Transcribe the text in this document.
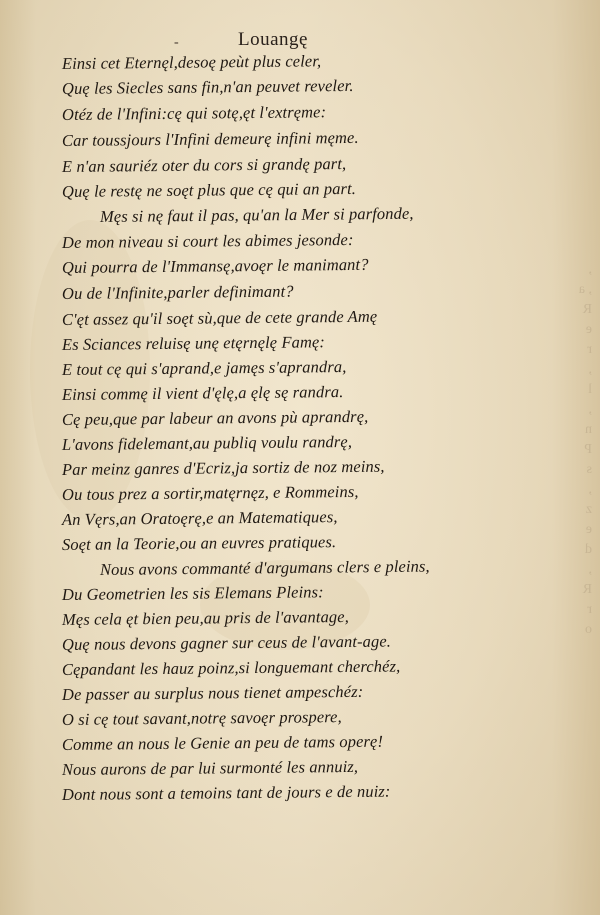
,
, a
R
e
r
,
l
,
n
P
s
,
z
e
d
,
R
r
o
-	Louangę
Einsi cet Eternęl,desoę peùt plus celer,
Quę les Siecles sans fin,n'an peuvet reveler.
Otéz de l'Infini:cę qui sotę,ęt l'extręme:
Car toussjours l'Infini demeurę infini męme.
E n'an sauriéz oter du cors si grandę part,
Quę le restę ne soęt plus que cę qui an part.
Męs si nę faut il pas, qu'an la Mer si parfonde,
De mon niveau si court les abimes jesonde:
Qui pourra de l'Immansę,avoęr le manimant?
Ou de l'Infinite,parler definimant?
C'ęt assez qu'il soęt sù,que de cete grande Amę
Es Sciances reluisę unę etęrnęlę Famę:
E tout cę qui s'aprand,e jamęs s'aprandra,
Einsi commę il vient d'ęlę,a ęlę sę randra.
Cę peu,que par labeur an avons pù aprandrę,
L'avons fidelemant,au publiq voulu randrę,
Par meinz ganres d'Ecriz,ja sortiz de noz meins,
Ou tous prez a sortir,matęrnęz, e Rommeins,
An Vęrs,an Oratoęrę,e an Matematiques,
Soęt an la Teorie,ou an euvres pratiques.
Nous avons commanté d'argumans clers e pleins,
Du Geometrien les sis Elemans Pleins:
Męs cela ęt bien peu,au pris de l'avantage,
Quę nous devons gagner sur ceus de l'avant-age.
Cępandant les hauz poinz,si longuemant cherchéz,
De passer au surplus nous tienet ampeschéz:
O si cę tout savant,notrę savoęr prospere,
Comme an nous le Genie an peu de tams operę!
Nous aurons de par lui surmonté les annuiz,
Dont nous sont a temoins tant de jours e de nuiz:
